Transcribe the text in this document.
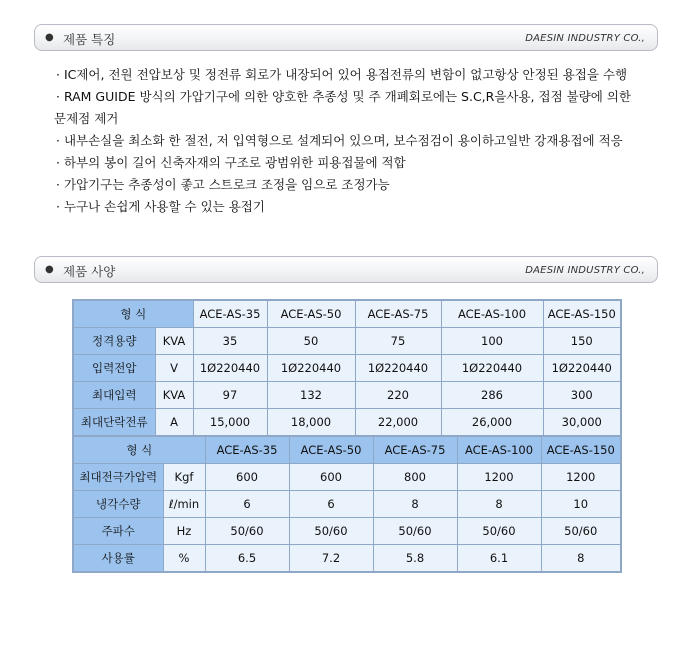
● 제품 특징	DAESIN INDUSTRY CO.,
· IC제어, 전원 전압보상 및 정전류 회로가 내장되어 있어 용접전류의 변함이 없고항상 안정된 용접을 수행
· RAM GUIDE 방식의 가압기구에 의한 양호한 추종성 및 주 개폐회로에는 S.C,R을사용, 접점 불량에 의한
문제점 제거
· 내부손실을 최소화 한 절전, 저 입역형으로 설계되어 있으며, 보수점검이 용이하고일반 강재용접에 적응
· 하부의 봉이 길어 신축자재의 구조로 광범위한 피용접물에 적합
· 가압기구는 추종성이 좋고 스트로크 조정을 임으로 조정가능
· 누구나 손쉽게 사용할 수 있는 용접기
● 제품 사양	DAESIN INDUSTRY CO.,
형 식		ACE-AS-35	ACE-AS-50	ACE-AS-75	ACE-AS-100	ACE-AS-150
정격용량	KVA	35	50	75	100	150
입력전압	V	1Ø220440	1Ø220440	1Ø220440	1Ø220440	1Ø220440
최대입력	KVA	97	132	220	286	300
최대단락전류	A	15,000	18,000	22,000	26,000	30,000
형 식		ACE-AS-35	ACE-AS-50	ACE-AS-75	ACE-AS-100	ACE-AS-150
최대전극가압력	Kgf	600	600	800	1200	1200
냉각수량	ℓ/min	6	6	8	8	10
주파수	Hz	50/60	50/60	50/60	50/60	50/60
사용률	%	6.5	7.2	5.8	6.1	8
